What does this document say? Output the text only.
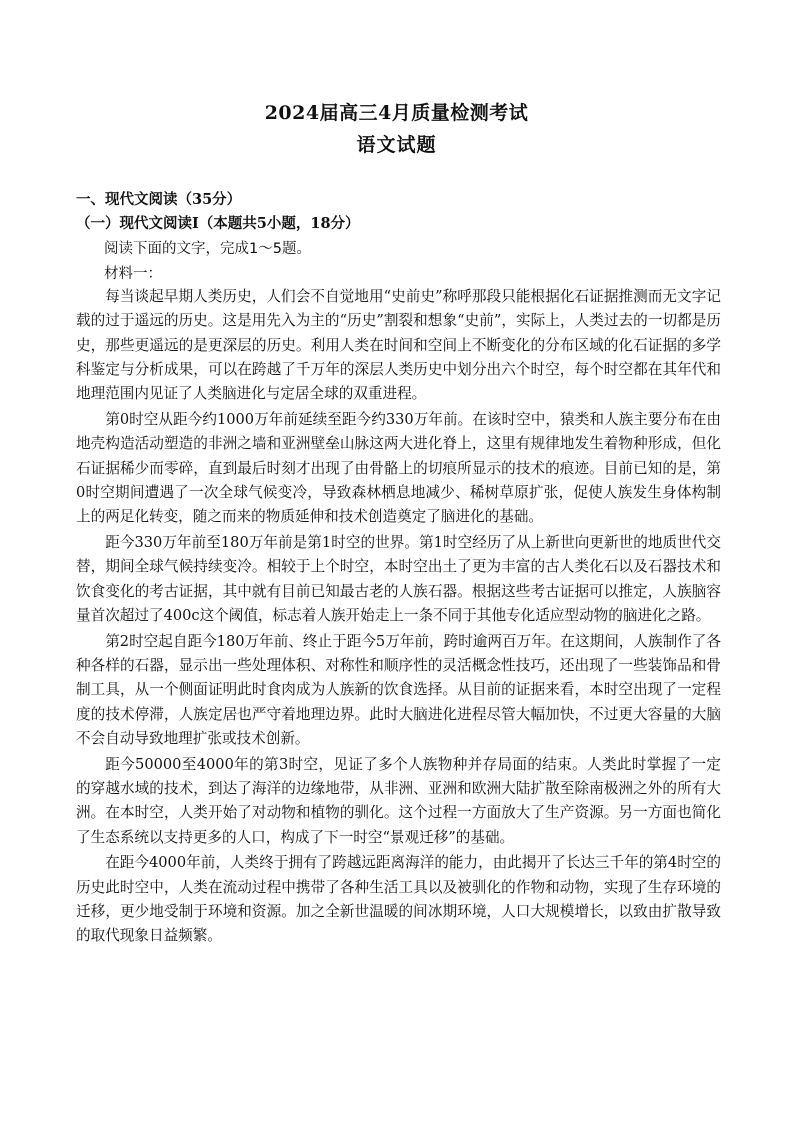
2024届高三4月质量检测考试
语文试题
一、现代文阅读（35分）
（一）现代文阅读Ⅰ（本题共5小题，18分）
阅读下面的文字，完成1～5题。
材料一：

每当谈起早期人类历史，人们会不自觉地用“史前史”称呼那段只能根据化石证据推测而无文字记载的过于遥远的历史。这是用先入为主的“历史”割裂和想象“史前”，实际上，人类过去的一切都是历史，那些更遥远的是更深层的历史。利用人类在时间和空间上不断变化的分布区域的化石证据的多学科鉴定与分析成果，可以在跨越了千万年的深层人类历史中划分出六个时空，每个时空都在其年代和地理范围内见证了人类脑进化与定居全球的双重进程。

第0时空从距今约1000万年前延续至距今约330万年前。在该时空中，猿类和人族主要分布在由地壳构造活动塑造的非洲之墙和亚洲壁垒山脉这两大进化脊上，这里有规律地发生着物种形成，但化石证据稀少而零碎，直到最后时刻才出现了由骨骼上的切痕所显示的技术的痕迹。目前已知的是，第0时空期间遭遇了一次全球气候变冷，导致森林栖息地减少、稀树草原扩张，促使人族发生身体构制上的两足化转变，随之而来的物质延伸和技术创造奠定了脑进化的基础。

距今330万年前至180万年前是第1时空的世界。第1时空经历了从上新世向更新世的地质世代交替，期间全球气候持续变冷。相较于上个时空，本时空出土了更为丰富的古人类化石以及石器技术和饮食变化的考古证据，其中就有目前已知最古老的人族石器。根据这些考古证据可以推定，人族脑容量首次超过了400c这个阈值，标志着人族开始走上一条不同于其他专化适应型动物的脑进化之路。

第2时空起自距今180万年前、终止于距今5万年前，跨时逾两百万年。在这期间，人族制作了各种各样的石器，显示出一些处理体积、对称性和顺序性的灵活概念性技巧，还出现了一些装饰品和骨制工具，从一个侧面证明此时食肉成为人族新的饮食选择。从目前的证据来看，本时空出现了一定程度的技术停滞，人族定居也严守着地理边界。此时大脑进化进程尽管大幅加快，不过更大容量的大脑不会自动导致地理扩张或技术创新。

距今50000至4000年的第3时空，见证了多个人族物种并存局面的结束。人类此时掌握了一定的穿越水域的技术，到达了海洋的边缘地带，从非洲、亚洲和欧洲大陆扩散至除南极洲之外的所有大洲。在本时空，人类开始了对动物和植物的驯化。这个过程一方面放大了生产资源。另一方面也简化了生态系统以支持更多的人口，构成了下一时空“景观迁移”的基础。

在距今4000年前，人类终于拥有了跨越远距离海洋的能力，由此揭开了长达三千年的第4时空的历史此时空中，人类在流动过程中携带了各种生活工具以及被驯化的作物和动物，实现了生存环境的迁移，更少地受制于环境和资源。加之全新世温暖的间冰期环境，人口大规模增长，以致由扩散导致的取代现象日益频繁。
